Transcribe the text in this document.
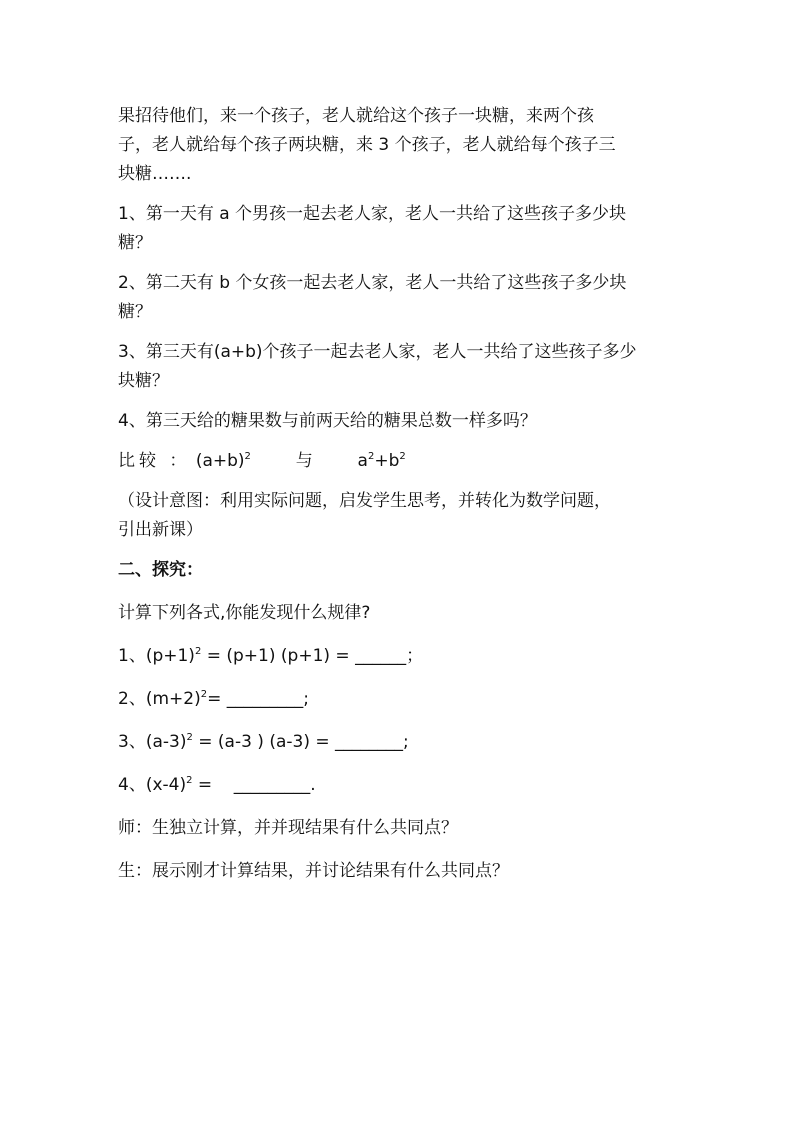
果招待他们，来一个孩子，老人就给这个孩子一块糖，来两个孩
子，老人就给每个孩子两块糖，来 3 个孩子，老人就给每个孩子三
块糖…….
1、第一天有 a 个男孩一起去老人家，老人一共给了这些孩子多少块
糖？
2、第二天有 b 个女孩一起去老人家，老人一共给了这些孩子多少块
糖？
3、第三天有(a+b)个孩子一起去老人家，老人一共给了这些孩子多少
块糖？
4、第三天给的糖果数与前两天给的糖果总数一样多吗？
比较 ： $(a+b)^2$	与	$a^2+b^2$
（设计意图：利用实际问题，启发学生思考，并转化为数学问题，
引出新课）
二、探究：
计算下列各式,你能发现什么规律?
1、$(p+1)^2 = (p+1) (p+1)$ = ______；
2、$(m+2)^2=$ _________;
3、$(a-3)^2 = (a-3$ ) (a-3) = ________;
4、$(x-4)^2$ =    _________.
师：生独立计算，并并现结果有什么共同点？
生：展示刚才计算结果，并讨论结果有什么共同点？
